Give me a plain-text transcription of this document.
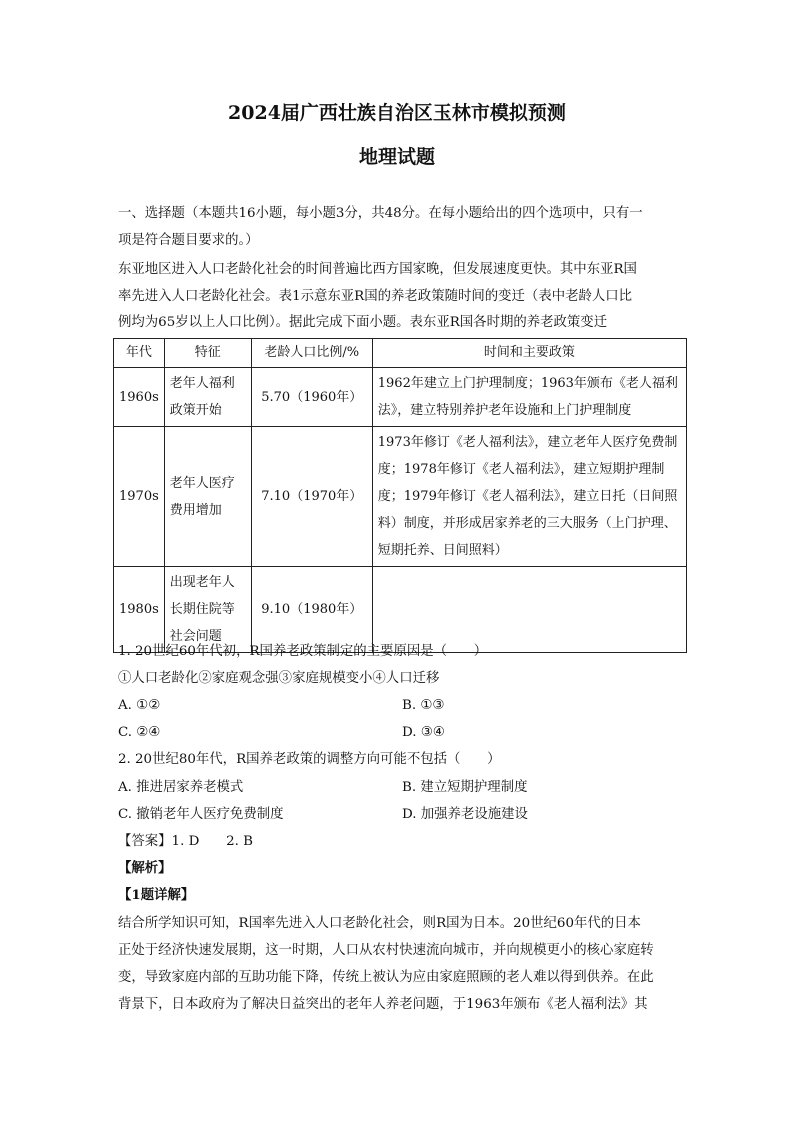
2024届广西壮族自治区玉林市模拟预测
地理试题
一、选择题（本题共16小题，每小题3分，共48分。在每小题给出的四个选项中，只有一
项是符合题目要求的。）
东亚地区进入人口老龄化社会的时间普遍比西方国家晚，但发展速度更快。其中东亚R国
率先进入人口老龄化社会。表1示意东亚R国的养老政策随时间的变迁（表中老龄人口比
例均为65岁以上人口比例）。据此完成下面小题。表东亚R国各时期的养老政策变迁
年代	特征	老龄人口比例/%	时间和主要政策
1960s	老年人福利政策开始	5.70（1960年）	1962年建立上门护理制度；1963年颁布《老人福利法》，建立特别养护老年设施和上门护理制度
1970s	老年人医疗费用增加	7.10（1970年）	1973年修订《老人福利法》，建立老年人医疗免费制度；1978年修订《老人福利法》，建立短期护理制度；1979年修订《老人福利法》，建立日托（日间照料）制度，并形成居家养老的三大服务（上门护理、短期托养、日间照料）
1980s	出现老年人长期住院等社会问题	9.10（1980年）	
1. 20世纪60年代初，R国养老政策制定的主要原因是（　　）
①人口老龄化②家庭观念强③家庭规模变小④人口迁移
A. ①②	B. ①③
C. ②④	D. ③④
2. 20世纪80年代，R国养老政策的调整方向可能不包括（　　）
A. 推进居家养老模式	B. 建立短期护理制度
C. 撤销老年人医疗免费制度	D. 加强养老设施建设
【答案】1. D　　2. B
【解析】
【1题详解】
结合所学知识可知，R国率先进入人口老龄化社会，则R国为日本。20世纪60年代的日本
正处于经济快速发展期，这一时期，人口从农村快速流向城市，并向规模更小的核心家庭转
变，导致家庭内部的互助功能下降，传统上被认为应由家庭照顾的老人难以得到供养。在此
背景下，日本政府为了解决日益突出的老年人养老问题，于1963年颁布《老人福利法》其
